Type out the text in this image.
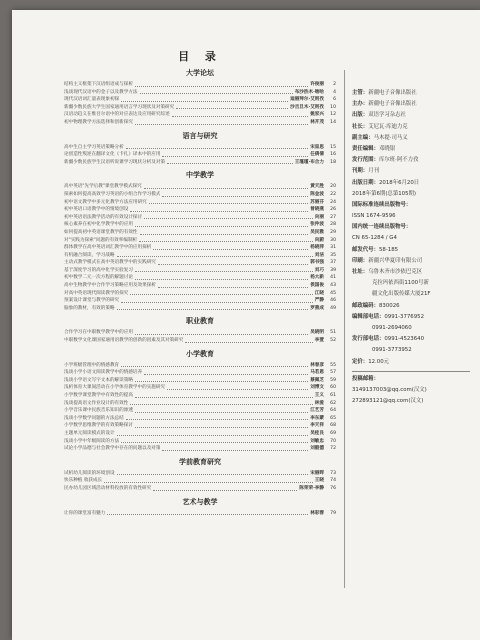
目 录
大学论坛
结构主义框架下汉语组语成与探析	许俊丽	2
浅谈现代汉语中的金子以及教学方法	布沙热木·喀哈	4
现代汉语词汇量表现象初探	迪丽拜尔·艾则孜	6
新疆少数民族大学生国家通用语言学习现状及对策研究	沙吉旦木·艾则孜	10
汉语动趋义在维吾尔语中的对应表达及应用研究综述	姚家兴	12
初中物理教学方法选择和创新探究	林开茂	14
语言与研究
高中生自主学习英语策略分析	宋显思	15
论创造性叛逆在翻译文化《卡扎》译本中的应用	任倩倩	16
新疆少数民族学生汉语听说课学习现状分析及对策	王瑾瑾·布合力	18
中学教学
高中英语"先学后教"课堂教学模式探究	黄天胜	20
探索如何提高高效学习英语的小组合作学习模式	陈金波	22
初中语文教学中多元化教学方法应用研究	苏丽芬	24
初中英语口语教学中的情境创设	曾晓燕	26
初中英语语法教学活动的有效设计探讨	向丽	27
核心素养在初中化学教学中的应用	张仲波	28
如何提高初中英语课堂教学的有效性	吴民雅	29
对"实践为探索"问题的有效率编制析	向蔚	30
群体教学在高中英语词汇教学中的应用探析	杨晓萍	31
有机融合阅读，学习战略	刘洁	35
主动式教学模式在高中英语教学中的实践研究	郭书强	37
基于深度学习的高中化学实验复习	刘巧	39
初中数学二元一次方程的解题讨论	杨大新	41
高中生物教学中合作学习策略应用及效果探析	侯国俊	43
对高中英语现代阅读教学的探究	江晓	45
预案设计课堂与教学的研究	严静	46
脑象的教材，有效的策略	罗燕成	49
职业教育
合作学习在中职数学教学中的应用	吴晓明	51
中职数学文化课国家通用语教学的创新的因素及其对策研究	李萱	52
小学教育
小学班级管理中的情感教育	林春彦	55
浅谈小学小语文阅读教学中的情感培养	马若恩	57
浅谈小学语文写字文本的解读策略	蔡佩芝	59
浅析体育大课间活动在小学体育教学中的实施研究	刘博文	60
小学数学课堂教学中有效性的提高	王义	61
浅谈提高语文作业设计的有效性	林爱	62
小学音乐课中民族音乐知识的渗透	江艺芳	64
浅谈小学数学问题的方法总结	李东蒙	65
小学数学思维教学的有效策略探讨	李天祥	68
主题单元阅读模式的设计	吴桂良	69
浅谈小学中年级阅读的方法	刘敏忠	70
试论小学品德与社会教学中存在的问题以及对策	刘毅德	72
学前教育研究
试析幼儿阅读的环境创设	宋丽晖	73
快乐种植 收获成长	王晓	74
民办幼儿园区域活动材料投放的有效性研究	陈荣荣·李静	76
艺术与教学
让你的课堂富有魅力	林彩蓉	79
主管：新疆电子音像出版社
主办：新疆电子音像出版社
出版：双语学习杂志社
社长：艾尼瓦·库迪力克
副主编：马木提·司马义
责任编辑：邓晓银
发行范围：库尔班·阿不力孜
刊期：月刊
出版日期：2018年6月20日
2018年第6期(总第105期)
国际标准连续出版物号：
ISSN 1674-9596
国内统一连续出版物号：
CN 65-1284 / G4
邮发代号：58-185
印刷：新疆兴华夏印有限公司
社址：乌鲁木齐市沙依巴克区
克拉玛依西街1100号新
疆文化出版传媒大厦21F
邮政编码：830026
编辑部电话：0991-3776952
0991-2694060
发行部电话：0991-4523640
0991-3773952
定价：12.00元
投稿邮箱：
3149137003@qq.com(汉文)
272893121@qq.com(汉文)
